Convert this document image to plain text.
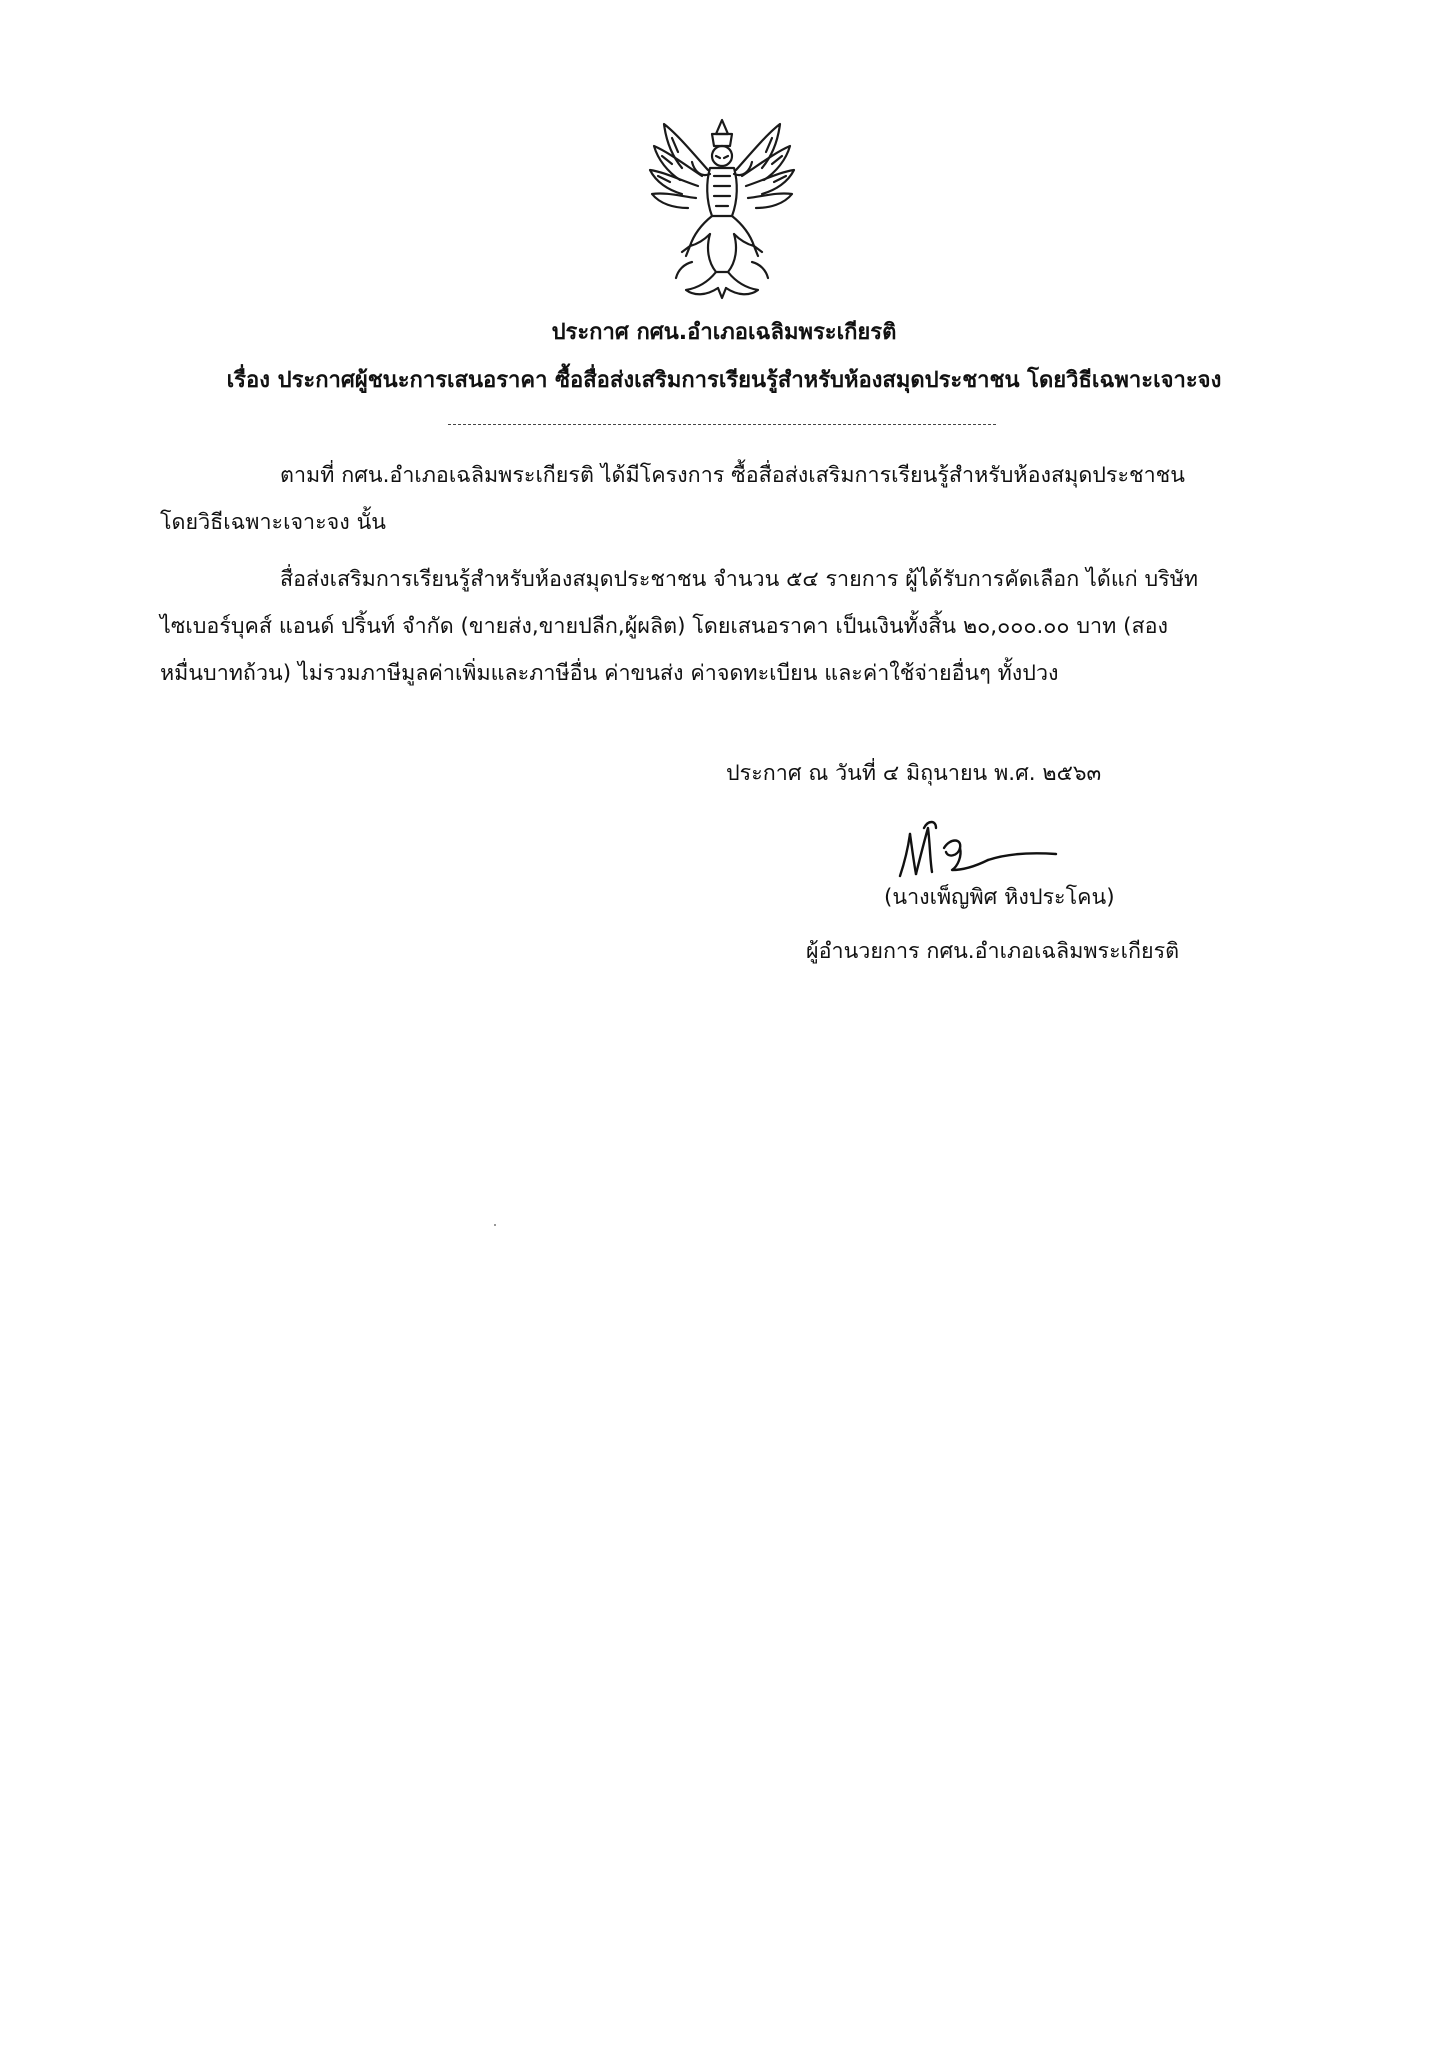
ประกาศ กศน.อำเภอเฉลิมพระเกียรติ
เรื่อง ประกาศผู้ชนะการเสนอราคา ซื้อสื่อส่งเสริมการเรียนรู้สำหรับห้องสมุดประชาชน โดยวิธีเฉพาะเจาะจง
ตามที่ กศน.อำเภอเฉลิมพระเกียรติ ได้มีโครงการ ซื้อสื่อส่งเสริมการเรียนรู้สำหรับห้องสมุดประชาชน
โดยวิธีเฉพาะเจาะจง นั้น
สื่อส่งเสริมการเรียนรู้สำหรับห้องสมุดประชาชน จำนวน ๕๔ รายการ ผู้ได้รับการคัดเลือก ได้แก่ บริษัท
ไซเบอร์บุคส์ แอนด์ ปริ้นท์ จำกัด (ขายส่ง,ขายปลีก,ผู้ผลิต) โดยเสนอราคา เป็นเงินทั้งสิ้น ๒๐,๐๐๐.๐๐ บาท (สอง
หมื่นบาทถ้วน) ไม่รวมภาษีมูลค่าเพิ่มและภาษีอื่น ค่าขนส่ง ค่าจดทะเบียน และค่าใช้จ่ายอื่นๆ ทั้งปวง
ประกาศ ณ วันที่ ๔ มิถุนายน พ.ศ. ๒๕๖๓
(นางเพ็ญพิศ หิงประโคน)
ผู้อำนวยการ กศน.อำเภอเฉลิมพระเกียรติ
